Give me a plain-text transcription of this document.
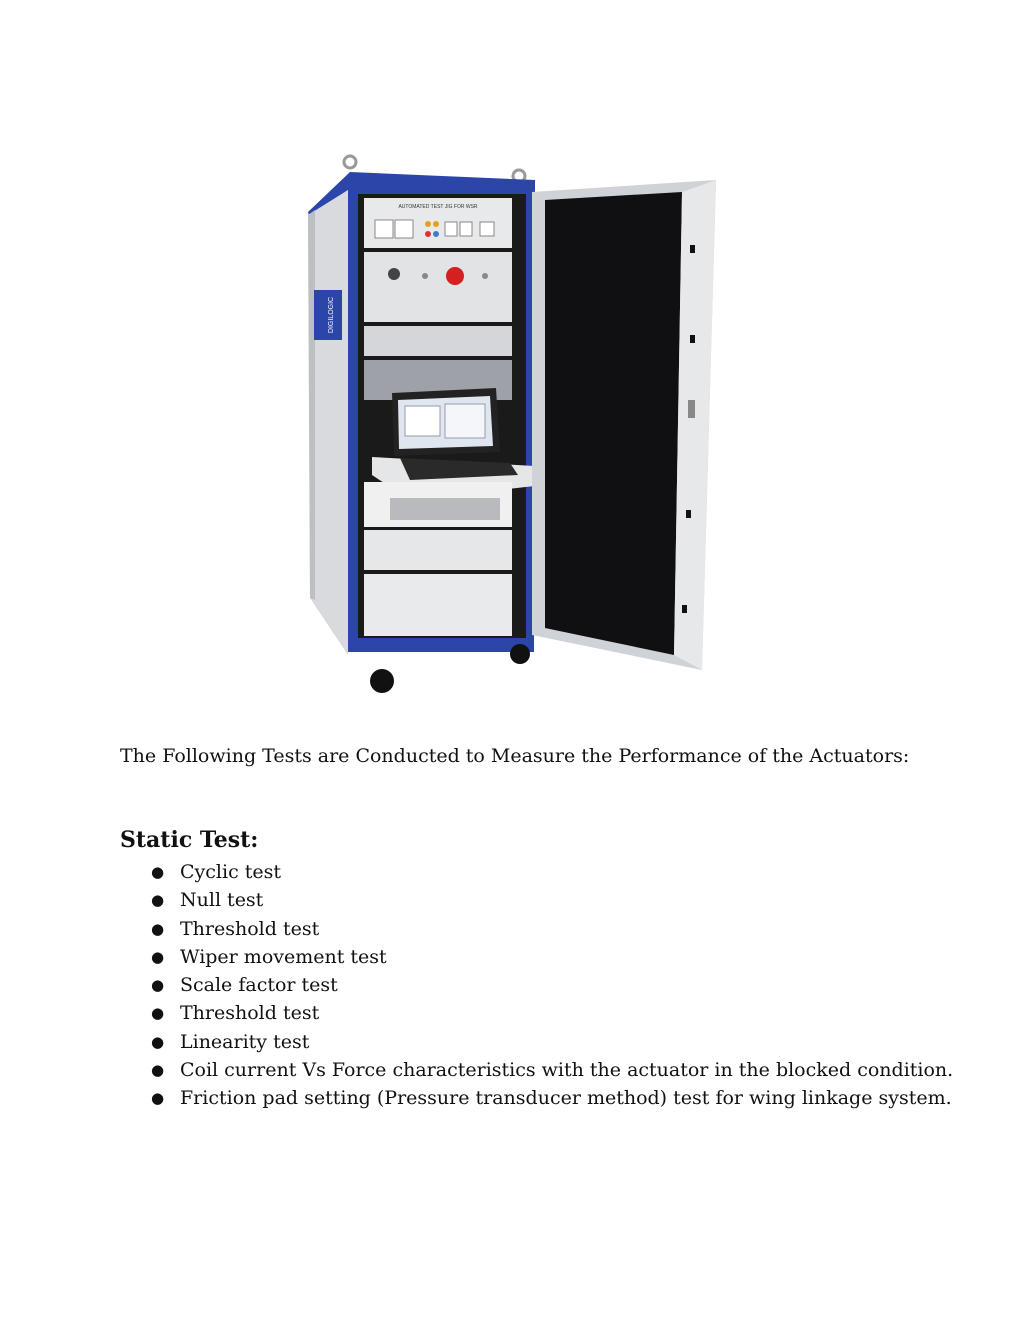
DIGILOGIC
AUTOMATED TEST JIG FOR WSR

The Following Tests are Conducted to Measure the Performance of the Actuators:

Static Test:
● Cyclic test
● Null test
● Threshold test
● Wiper movement test
● Scale factor test
● Threshold test
● Linearity test
● Coil current Vs Force characteristics with the actuator in the blocked condition.
● Friction pad setting (Pressure transducer method) test for wing linkage system.
